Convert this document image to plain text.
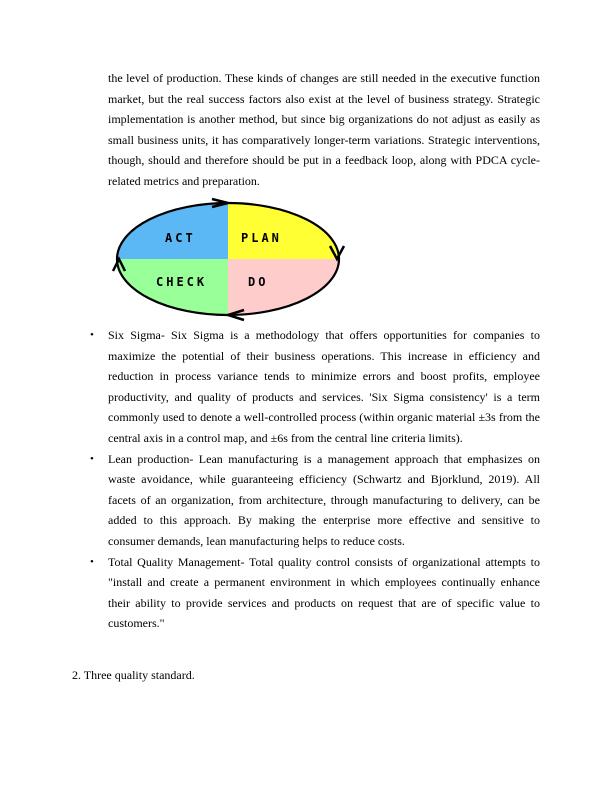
the level of production. These kinds of changes are still needed in the executive function market, but the real success factors also exist at the level of business strategy. Strategic implementation is another method, but since big organizations do not adjust as easily as small business units, it has comparatively longer-term variations. Strategic interventions, though, should and therefore should be put in a feedback loop, along with PDCA cycle-related metrics and preparation.

ACT	PLAN
CHECK	DO
• Six Sigma- Six Sigma is a methodology that offers opportunities for companies to maximize the potential of their business operations. This increase in efficiency and reduction in process variance tends to minimize errors and boost profits, employee productivity, and quality of products and services. 'Six Sigma consistency' is a term commonly used to denote a well-controlled process (within organic material ±3s from the central axis in a control map, and ±6s from the central line criteria limits).
• Lean production- Lean manufacturing is a management approach that emphasizes on waste avoidance, while guaranteeing efficiency (Schwartz and Bjorklund, 2019). All facets of an organization, from architecture, through manufacturing to delivery, can be added to this approach. By making the enterprise more effective and sensitive to consumer demands, lean manufacturing helps to reduce costs.
• Total Quality Management- Total quality control consists of organizational attempts to "install and create a permanent environment in which employees continually enhance their ability to provide services and products on request that are of specific value to customers."

2. Three quality standard.
